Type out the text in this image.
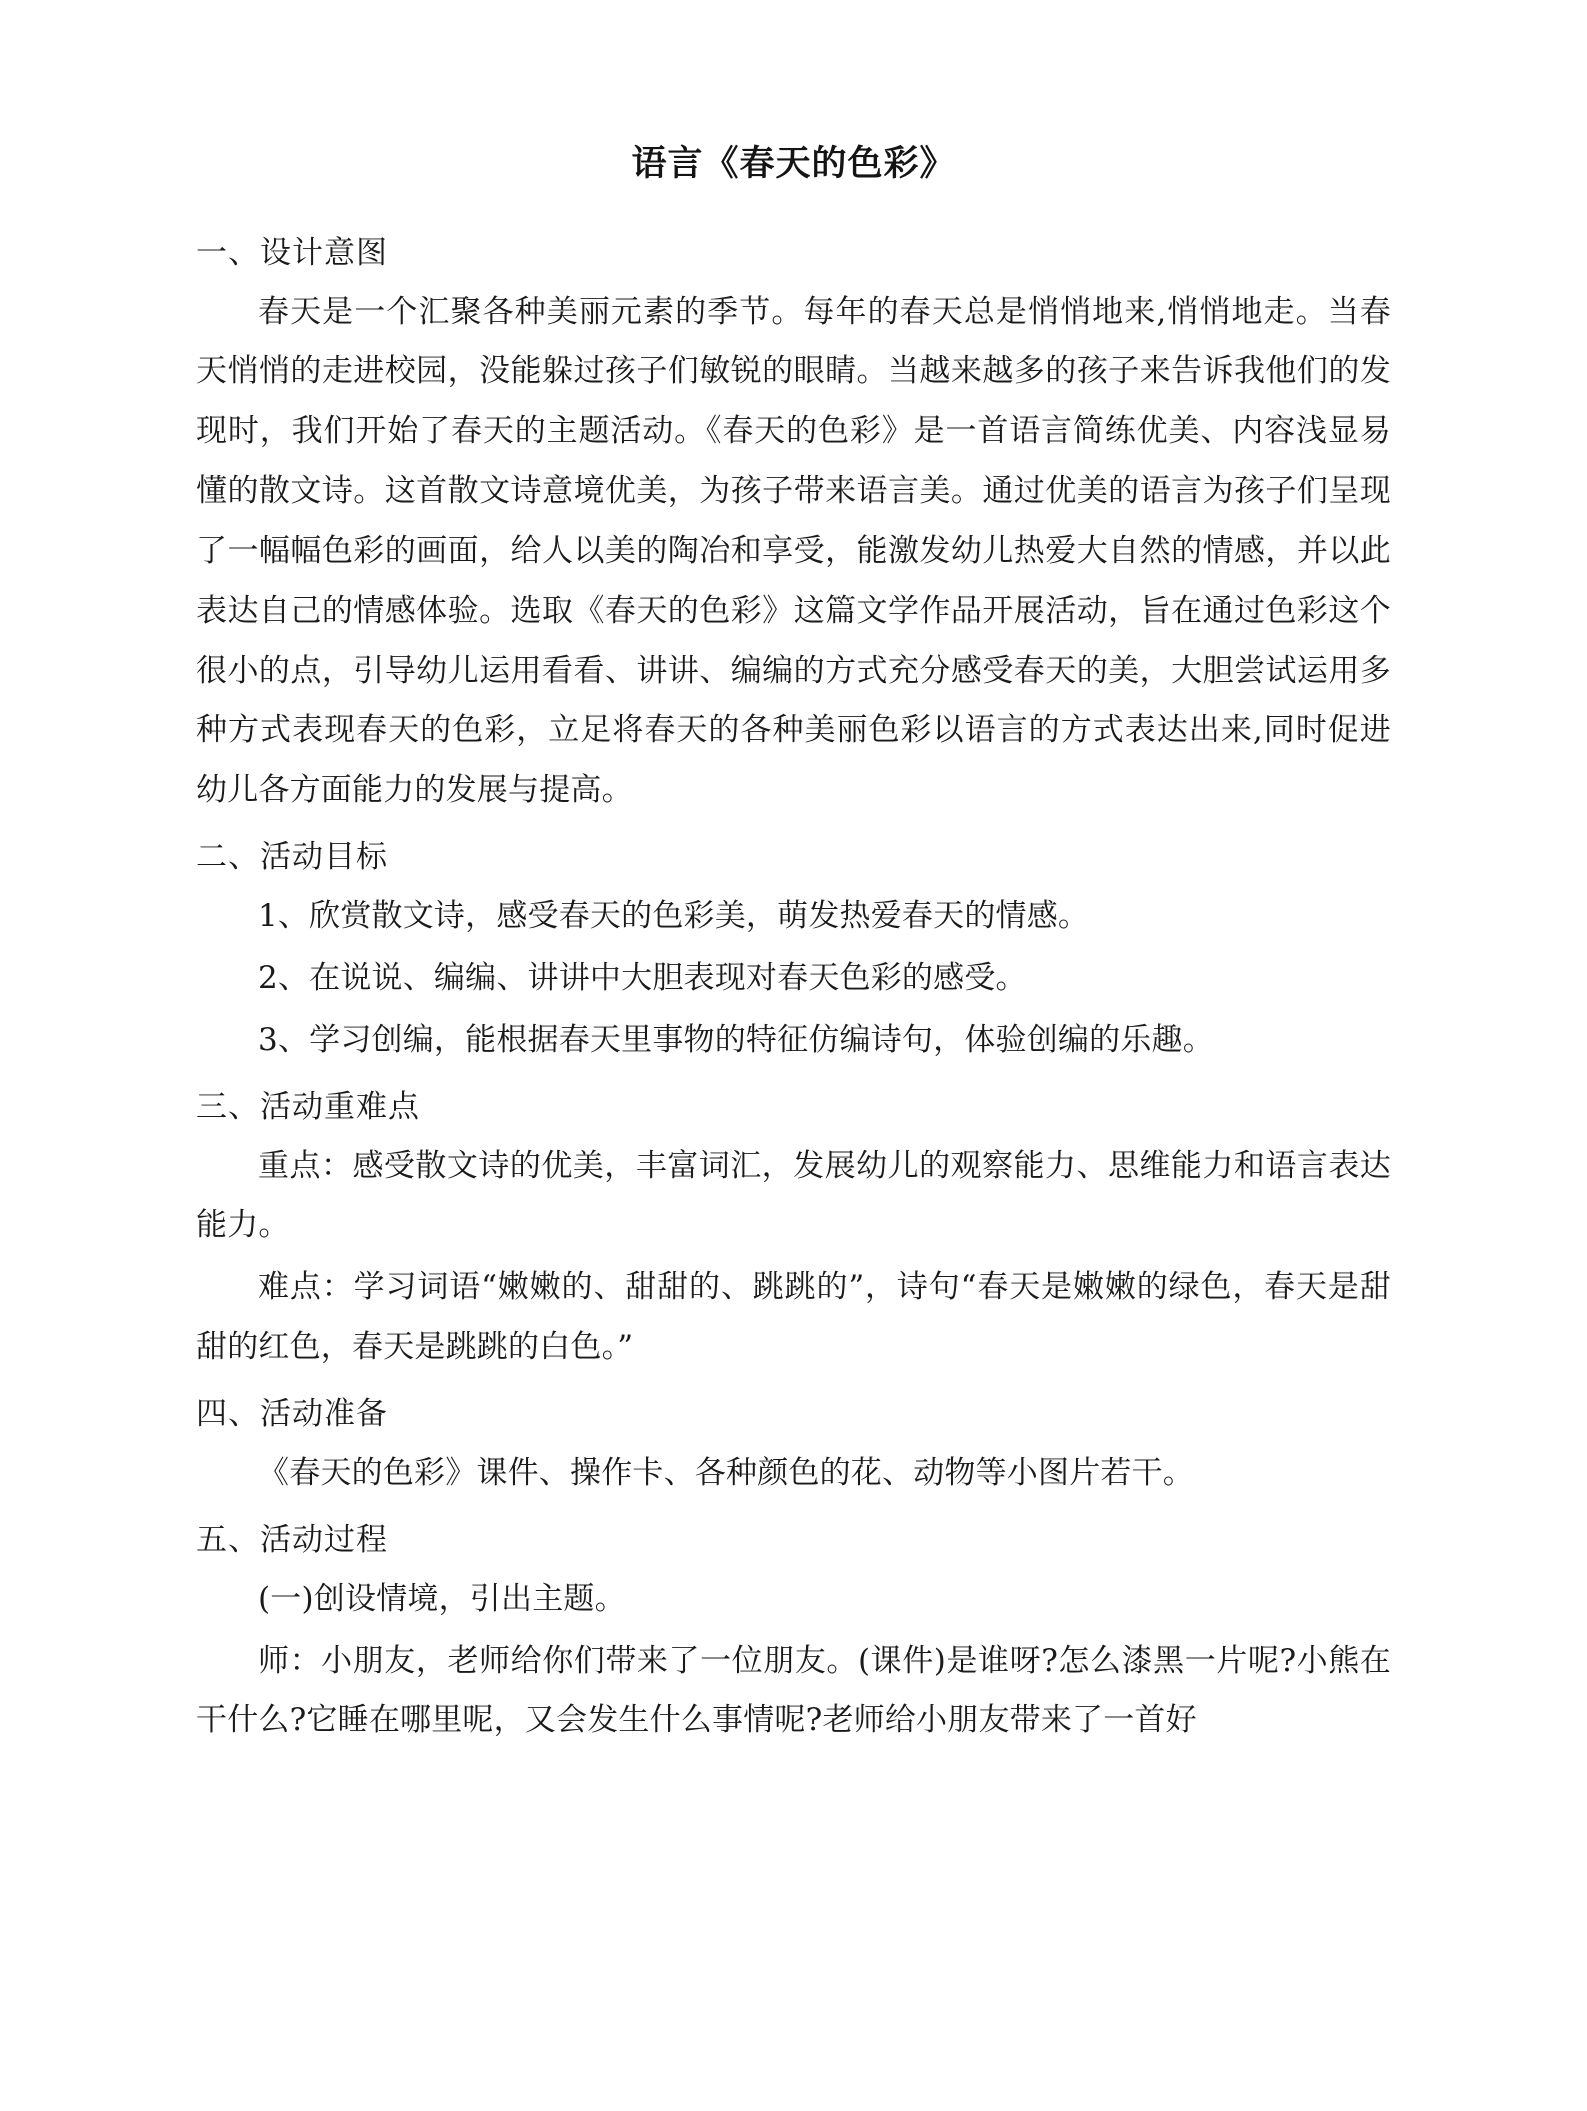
语言《春天的色彩》
一、设计意图

春天是一个汇聚各种美丽元素的季节。每年的春天总是悄悄地来,悄悄地走。当春天悄悄的走进校园，没能躲过孩子们敏锐的眼睛。当越来越多的孩子来告诉我他们的发现时，我们开始了春天的主题活动。《春天的色彩》是一首语言简练优美、内容浅显易懂的散文诗。这首散文诗意境优美，为孩子带来语言美。通过优美的语言为孩子们呈现了一幅幅色彩的画面，给人以美的陶冶和享受，能激发幼儿热爱大自然的情感，并以此表达自己的情感体验。选取《春天的色彩》这篇文学作品开展活动，旨在通过色彩这个很小的点，引导幼儿运用看看、讲讲、编编的方式充分感受春天的美，大胆尝试运用多种方式表现春天的色彩，立足将春天的各种美丽色彩以语言的方式表达出来,同时促进幼儿各方面能力的发展与提高。

二、活动目标

1、欣赏散文诗，感受春天的色彩美，萌发热爱春天的情感。

2、在说说、编编、讲讲中大胆表现对春天色彩的感受。

3、学习创编，能根据春天里事物的特征仿编诗句，体验创编的乐趣。

三、活动重难点

重点：感受散文诗的优美，丰富词汇，发展幼儿的观察能力、思维能力和语言表达能力。

难点：学习词语“嫩嫩的、甜甜的、跳跳的”，诗句“春天是嫩嫩的绿色，春天是甜甜的红色，春天是跳跳的白色。”

四、活动准备

《春天的色彩》课件、操作卡、各种颜色的花、动物等小图片若干。

五、活动过程

(一)创设情境，引出主题。

师：小朋友，老师给你们带来了一位朋友。(课件)是谁呀?怎么漆黑一片呢?小熊在干什么?它睡在哪里呢，又会发生什么事情呢?老师给小朋友带来了一首好
